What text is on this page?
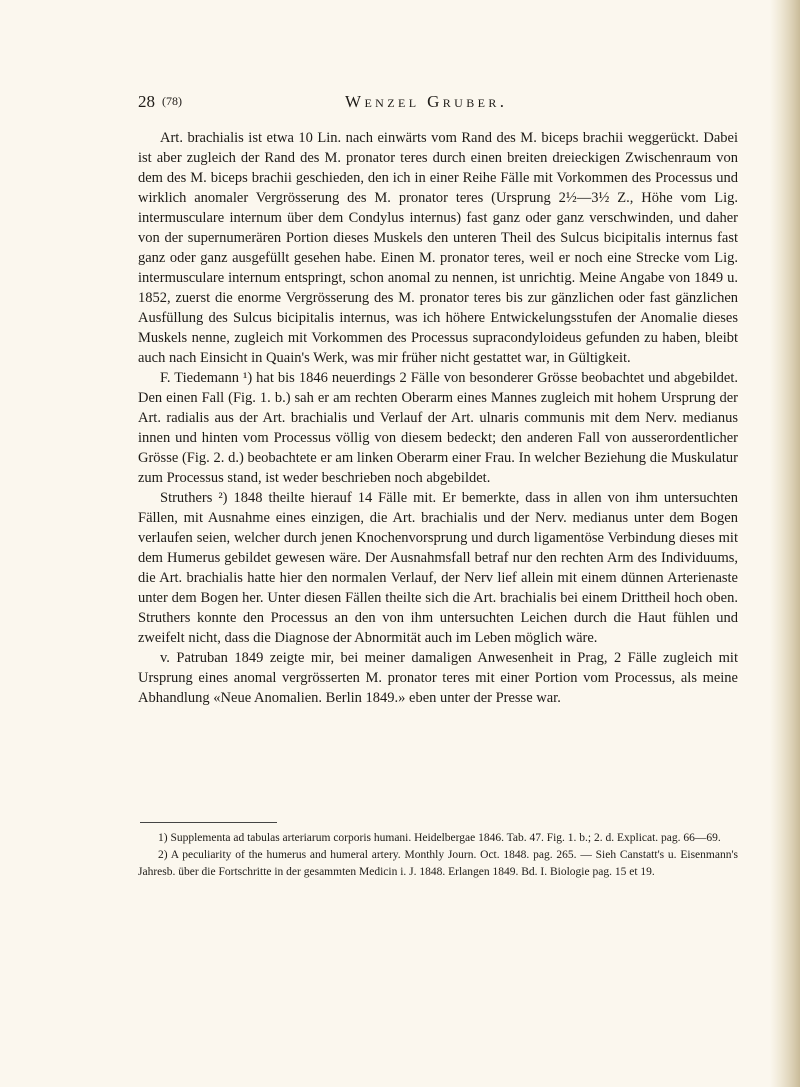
28 (78)	Wenzel Gruber.

Art. brachialis ist etwa 10 Lin. nach einwärts vom Rand des M. biceps brachii weggerückt. Dabei ist aber zugleich der Rand des M. pronator teres durch einen breiten dreieckigen Zwischenraum von dem des M. biceps brachii geschieden, den ich in einer Reihe Fälle mit Vorkommen des Processus und wirklich anomaler Vergrösserung des M. pronator teres (Ursprung 2½—3½ Z., Höhe vom Lig. intermusculare internum über dem Condylus internus) fast ganz oder ganz verschwinden, und daher von der supernumerären Portion dieses Muskels den unteren Theil des Sulcus bicipitalis internus fast ganz oder ganz ausgefüllt gesehen habe. Einen M. pronator teres, weil er noch eine Strecke vom Lig. intermusculare internum entspringt, schon anomal zu nennen, ist unrichtig. Meine Angabe von 1849 u. 1852, zuerst die enorme Vergrösserung des M. pronator teres bis zur gänzlichen oder fast gänzlichen Ausfüllung des Sulcus bicipitalis internus, was ich höhere Entwickelungsstufen der Anomalie dieses Muskels nenne, zugleich mit Vorkommen des Processus supracondyloideus gefunden zu haben, bleibt auch nach Einsicht in Quain's Werk, was mir früher nicht gestattet war, in Gültigkeit.

F. Tiedemann ¹) hat bis 1846 neuerdings 2 Fälle von besonderer Grösse beobachtet und abgebildet. Den einen Fall (Fig. 1. b.) sah er am rechten Oberarm eines Mannes zugleich mit hohem Ursprung der Art. radialis aus der Art. brachialis und Verlauf der Art. ulnaris communis mit dem Nerv. medianus innen und hinten vom Processus völlig von diesem bedeckt; den anderen Fall von ausserordentlicher Grösse (Fig. 2. d.) beobachtete er am linken Oberarm einer Frau. In welcher Beziehung die Muskulatur zum Processus stand, ist weder beschrieben noch abgebildet.

Struthers ²) 1848 theilte hierauf 14 Fälle mit. Er bemerkte, dass in allen von ihm untersuchten Fällen, mit Ausnahme eines einzigen, die Art. brachialis und der Nerv. medianus unter dem Bogen verlaufen seien, welcher durch jenen Knochenvorsprung und durch ligamentöse Verbindung dieses mit dem Humerus gebildet gewesen wäre. Der Ausnahmsfall betraf nur den rechten Arm des Individuums, die Art. brachialis hatte hier den normalen Verlauf, der Nerv lief allein mit einem dünnen Arterienaste unter dem Bogen her. Unter diesen Fällen theilte sich die Art. brachialis bei einem Drittheil hoch oben. Struthers konnte den Processus an den von ihm untersuchten Leichen durch die Haut fühlen und zweifelt nicht, dass die Diagnose der Abnormität auch im Leben möglich wäre.

v. Patruban 1849 zeigte mir, bei meiner damaligen Anwesenheit in Prag, 2 Fälle zugleich mit Ursprung eines anomal vergrösserten M. pronator teres mit einer Portion vom Processus, als meine Abhandlung «Neue Anomalien. Berlin 1849.» eben unter der Presse war.

1) Supplementa ad tabulas arteriarum corporis humani. Heidelbergae 1846. Tab. 47. Fig. 1. b.; 2. d. Explicat. pag. 66—69.

2) A peculiarity of the humerus and humeral artery. Monthly Journ. Oct. 1848. pag. 265. — Sieh Canstatt's u. Eisenmann's Jahresb. über die Fortschritte in der gesammten Medicin i. J. 1848. Erlangen 1849. Bd. I. Biologie pag. 15 et 19.
